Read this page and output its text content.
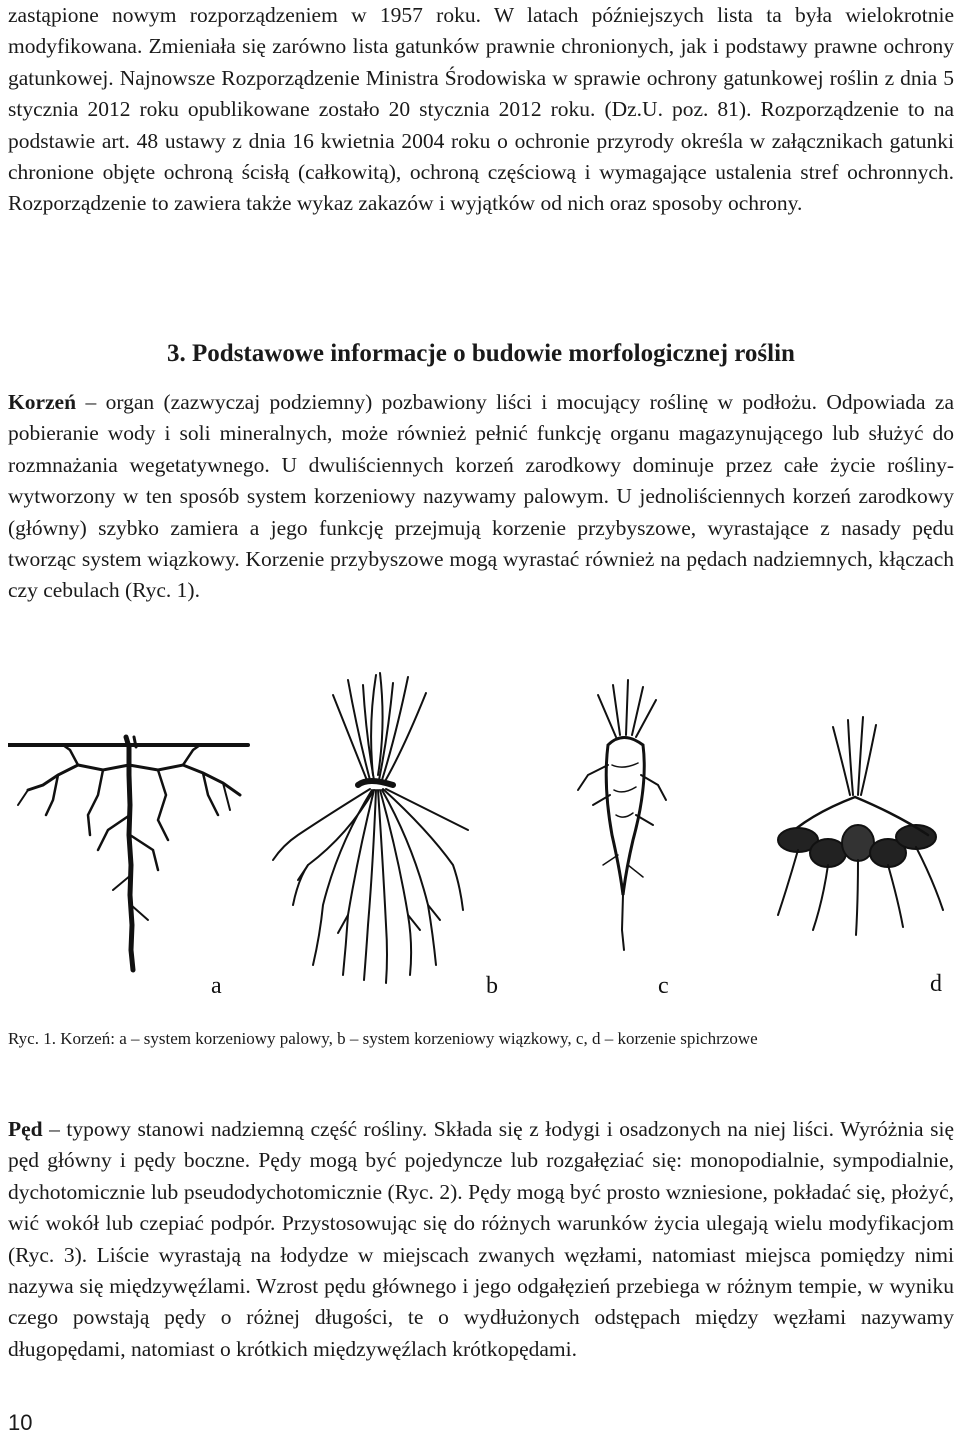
zastąpione nowym rozporządzeniem w 1957 roku. W latach późniejszych lista ta była wielokrotnie modyfikowana. Zmieniała się zarówno lista gatunków prawnie chronionych, jak i podstawy prawne ochrony gatunkowej. Najnowsze Rozporządzenie Ministra Środowiska w sprawie ochrony gatunkowej roślin z dnia 5 stycznia 2012 roku opublikowane zostało 20 stycznia 2012 roku. (Dz.U. poz. 81). Rozporządzenie to na podstawie art. 48 ustawy z dnia 16 kwietnia 2004 roku o ochronie przyrody określa w załącznikach gatunki chronione objęte ochroną ścisłą (całkowitą), ochroną częściową i wymagające ustalenia stref ochronnych. Rozporządzenie to zawiera także wykaz zakazów i wyjątków od nich oraz sposoby ochrony.

3. Podstawowe informacje o budowie morfologicznej roślin

Korzeń – organ (zazwyczaj podziemny) pozbawiony liści i mocujący roślinę w podłożu. Odpowiada za pobieranie wody i soli mineralnych, może również pełnić funkcję organu magazynującego lub służyć do rozmnażania wegetatywnego. U dwuliściennych korzeń zarodkowy dominuje przez całe życie rośliny- wytworzony w ten sposób system korzeniowy nazywamy palowym. U jednoliściennych korzeń zarodkowy (główny) szybko zamiera a jego funkcję przejmują korzenie przybyszowe, wyrastające z nasady pędu tworząc system wiązkowy. Korzenie przybyszowe mogą wyrastać również na pędach nadziemnych, kłączach czy cebulach (Ryc. 1).

a	b	c	d

Ryc. 1. Korzeń: a – system korzeniowy palowy, b – system korzeniowy wiązkowy, c, d – korzenie spichrzowe

Pęd – typowy stanowi nadziemną część rośliny. Składa się z łodygi i osadzonych na niej liści. Wyróżnia się pęd główny i pędy boczne. Pędy mogą być pojedyncze lub rozgałęziać się: monopodialnie, sympodialnie, dychotomicznie lub pseudodychotomicznie (Ryc. 2). Pędy mogą być prosto wzniesione, pokładać się, płożyć, wić wokół lub czepiać podpór. Przystosowując się do różnych warunków życia ulegają wielu modyfikacjom (Ryc. 3). Liście wyrastają na łodydze w miejscach zwanych węzłami, natomiast miejsca pomiędzy nimi nazywa się międzywęźlami. Wzrost pędu głównego i jego odgałęzień przebiega w różnym tempie, w wyniku czego powstają pędy o różnej długości, te o wydłużonych odstępach między węzłami nazywamy długopędami, natomiast o krótkich międzywęźlach krótkopędami.

10
